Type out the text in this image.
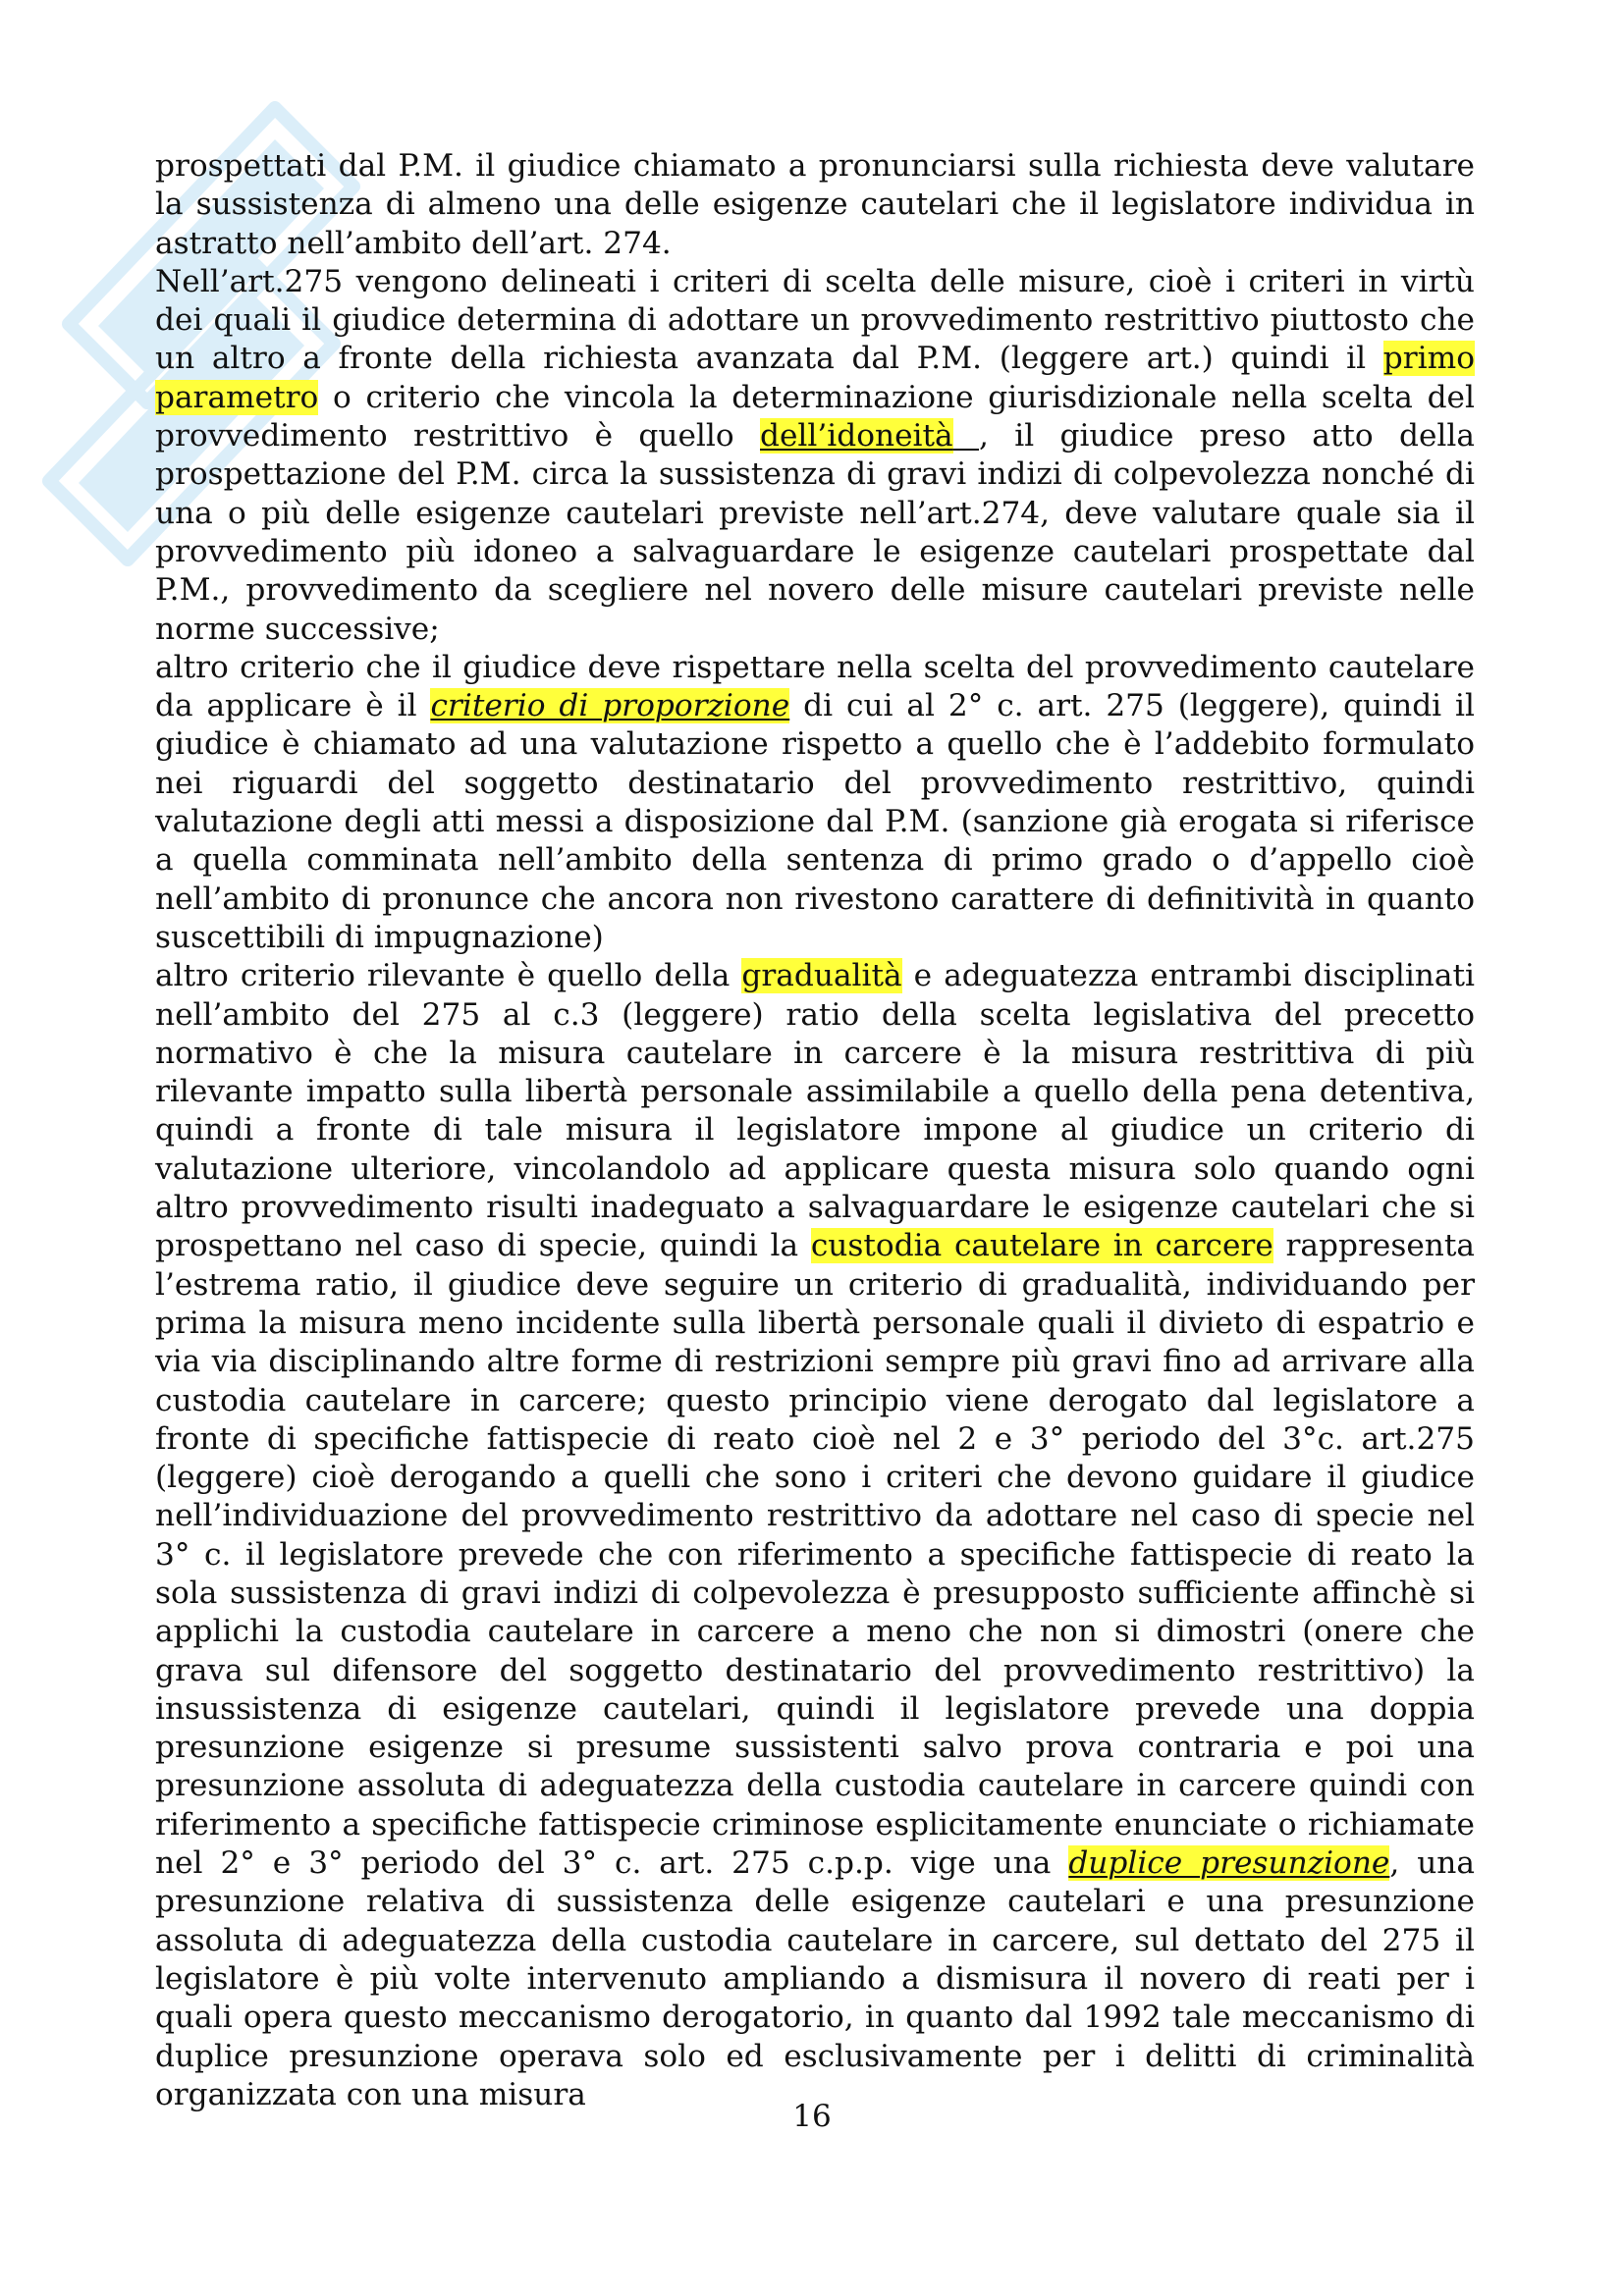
prospettati dal P.M. il giudice chiamato a pronunciarsi sulla richiesta deve valutare la sussistenza di almeno una delle esigenze cautelari che il legislatore individua in astratto nell’ambito dell’art. 274.

Nell’art.275 vengono delineati i criteri di scelta delle misure, cioè i criteri in virtù dei quali il giudice determina di adottare un provvedimento restrittivo piuttosto che un altro a fronte della richiesta avanzata dal P.M. (leggere art.) quindi il primo parametro o criterio che vincola la determinazione giurisdizionale nella scelta del provvedimento restrittivo è quello dell’idoneità , il giudice preso atto della prospettazione del P.M. circa la sussistenza di gravi indizi di colpevolezza nonché di una o più delle esigenze cautelari previste nell’art.274, deve valutare quale sia il provvedimento più idoneo a salvaguardare le esigenze cautelari prospettate dal P.M., provvedimento da scegliere nel novero delle misure cautelari previste nelle norme successive;

altro criterio che il giudice deve rispettare nella scelta del provvedimento cautelare da applicare è il criterio di proporzione di cui al 2° c. art. 275 (leggere), quindi il giudice è chiamato ad una valutazione rispetto a quello che è l’addebito formulato nei riguardi del soggetto destinatario del provvedimento restrittivo, quindi valutazione degli atti messi a disposizione dal P.M. (sanzione già erogata si riferisce a quella comminata nell’ambito della sentenza di primo grado o d’appello cioè nell’ambito di pronunce che ancora non rivestono carattere di definitività in quanto suscettibili di impugnazione)

altro criterio rilevante è quello della gradualità e adeguatezza entrambi disciplinati nell’ambito del 275 al c.3 (leggere) ratio della scelta legislativa del precetto normativo è che la misura cautelare in carcere è la misura restrittiva di più rilevante impatto sulla libertà personale assimilabile a quello della pena detentiva, quindi a fronte di tale misura il legislatore impone al giudice un criterio di valutazione ulteriore, vincolandolo ad applicare questa misura solo quando ogni altro provvedimento risulti inadeguato a salvaguardare le esigenze cautelari che si prospettano nel caso di specie, quindi la custodia cautelare in carcere rappresenta l’estrema ratio, il giudice deve seguire un criterio di gradualità, individuando per prima la misura meno incidente sulla libertà personale quali il divieto di espatrio e via via disciplinando altre forme di restrizioni sempre più gravi fino ad arrivare alla custodia cautelare in carcere; questo principio viene derogato dal legislatore a fronte di specifiche fattispecie di reato cioè nel 2 e 3° periodo del 3°c. art.275 (leggere) cioè derogando a quelli che sono i criteri che devono guidare il giudice nell’individuazione del provvedimento restrittivo da adottare nel caso di specie nel 3° c. il legislatore prevede che con riferimento a specifiche fattispecie di reato la sola sussistenza di gravi indizi di colpevolezza è presupposto sufficiente affinchè si applichi la custodia cautelare in carcere a meno che non si dimostri (onere che grava sul difensore del soggetto destinatario del provvedimento restrittivo) la insussistenza di esigenze cautelari, quindi il legislatore prevede una doppia presunzione esigenze si presume sussistenti salvo prova contraria e poi una presunzione assoluta di adeguatezza della custodia cautelare in carcere quindi con riferimento a specifiche fattispecie criminose esplicitamente enunciate o richiamate nel 2° e 3° periodo del 3° c. art. 275 c.p.p. vige una duplice presunzione, una presunzione relativa di sussistenza delle esigenze cautelari e una presunzione assoluta di adeguatezza della custodia cautelare in carcere, sul dettato del 275 il legislatore è più volte intervenuto ampliando a dismisura il novero di reati per i quali opera questo meccanismo derogatorio, in quanto dal 1992 tale meccanismo di duplice presunzione operava solo ed esclusivamente per i delitti di criminalità organizzata con una misura

16
